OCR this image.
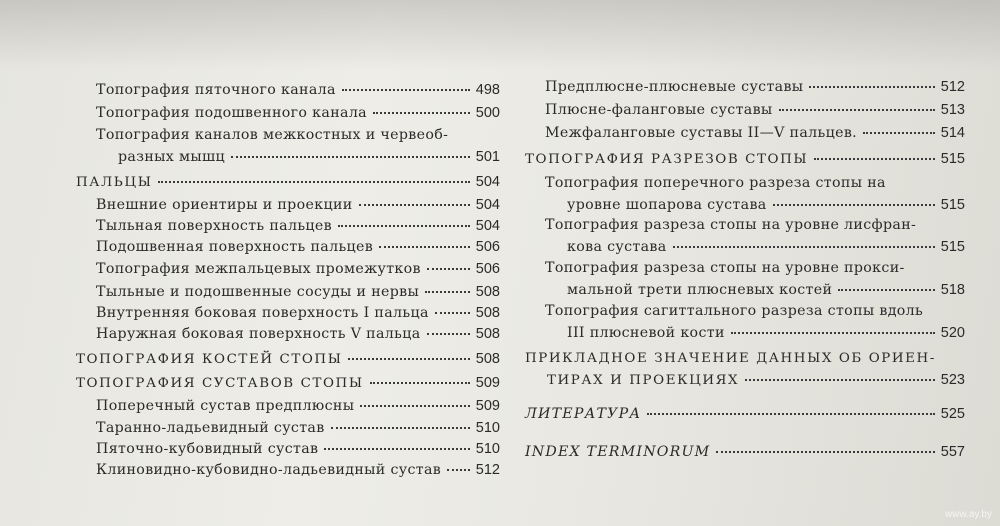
Топография пяточного канала	498
Топография подошвенного канала	500
Топография каналов межкостных и червеоб-
разных мышц	501
ПАЛЬЦЫ	504
Внешние ориентиры и проекции	504
Тыльная поверхность пальцев	504
Подошвенная поверхность пальцев	506
Топография межпальцевых промежутков	506
Тыльные и подошвенные сосуды и нервы	508
Внутренняя боковая поверхность I пальца	508
Наружная боковая поверхность V пальца	508
ТОПОГРАФИЯ КОСТЕЙ СТОПЫ	508
ТОПОГРАФИЯ СУСТАВОВ СТОПЫ	509
Поперечный сустав предплюсны	509
Таранно-ладьевидный сустав	510
Пяточно-кубовидный сустав	510
Клиновидно-кубовидно-ладьевидный сустав 512
Предплюсне-плюсневые суставы	512
Плюсне-фаланговые суставы	513
Межфаланговые суставы II—V пальцев.	514
ТОПОГРАФИЯ РАЗРЕЗОВ СТОПЫ	515
Топография поперечного разреза стопы на
уровне шопарова сустава	515
Топография разреза стопы на уровне лисфран-
кова сустава	515
Топография разреза стопы на уровне прокси-
мальной трети плюсневых костей	518
Топография сагиттального разреза стопы вдоль
III плюсневой кости	520
ПРИКЛАДНОЕ ЗНАЧЕНИЕ ДАННЫХ ОБ ОРИЕН-
ТИРАХ И ПРОЕКЦИЯХ	523
ЛИТЕРАТУРА	525
INDEX TERMINORUM	557
www.ay.by
